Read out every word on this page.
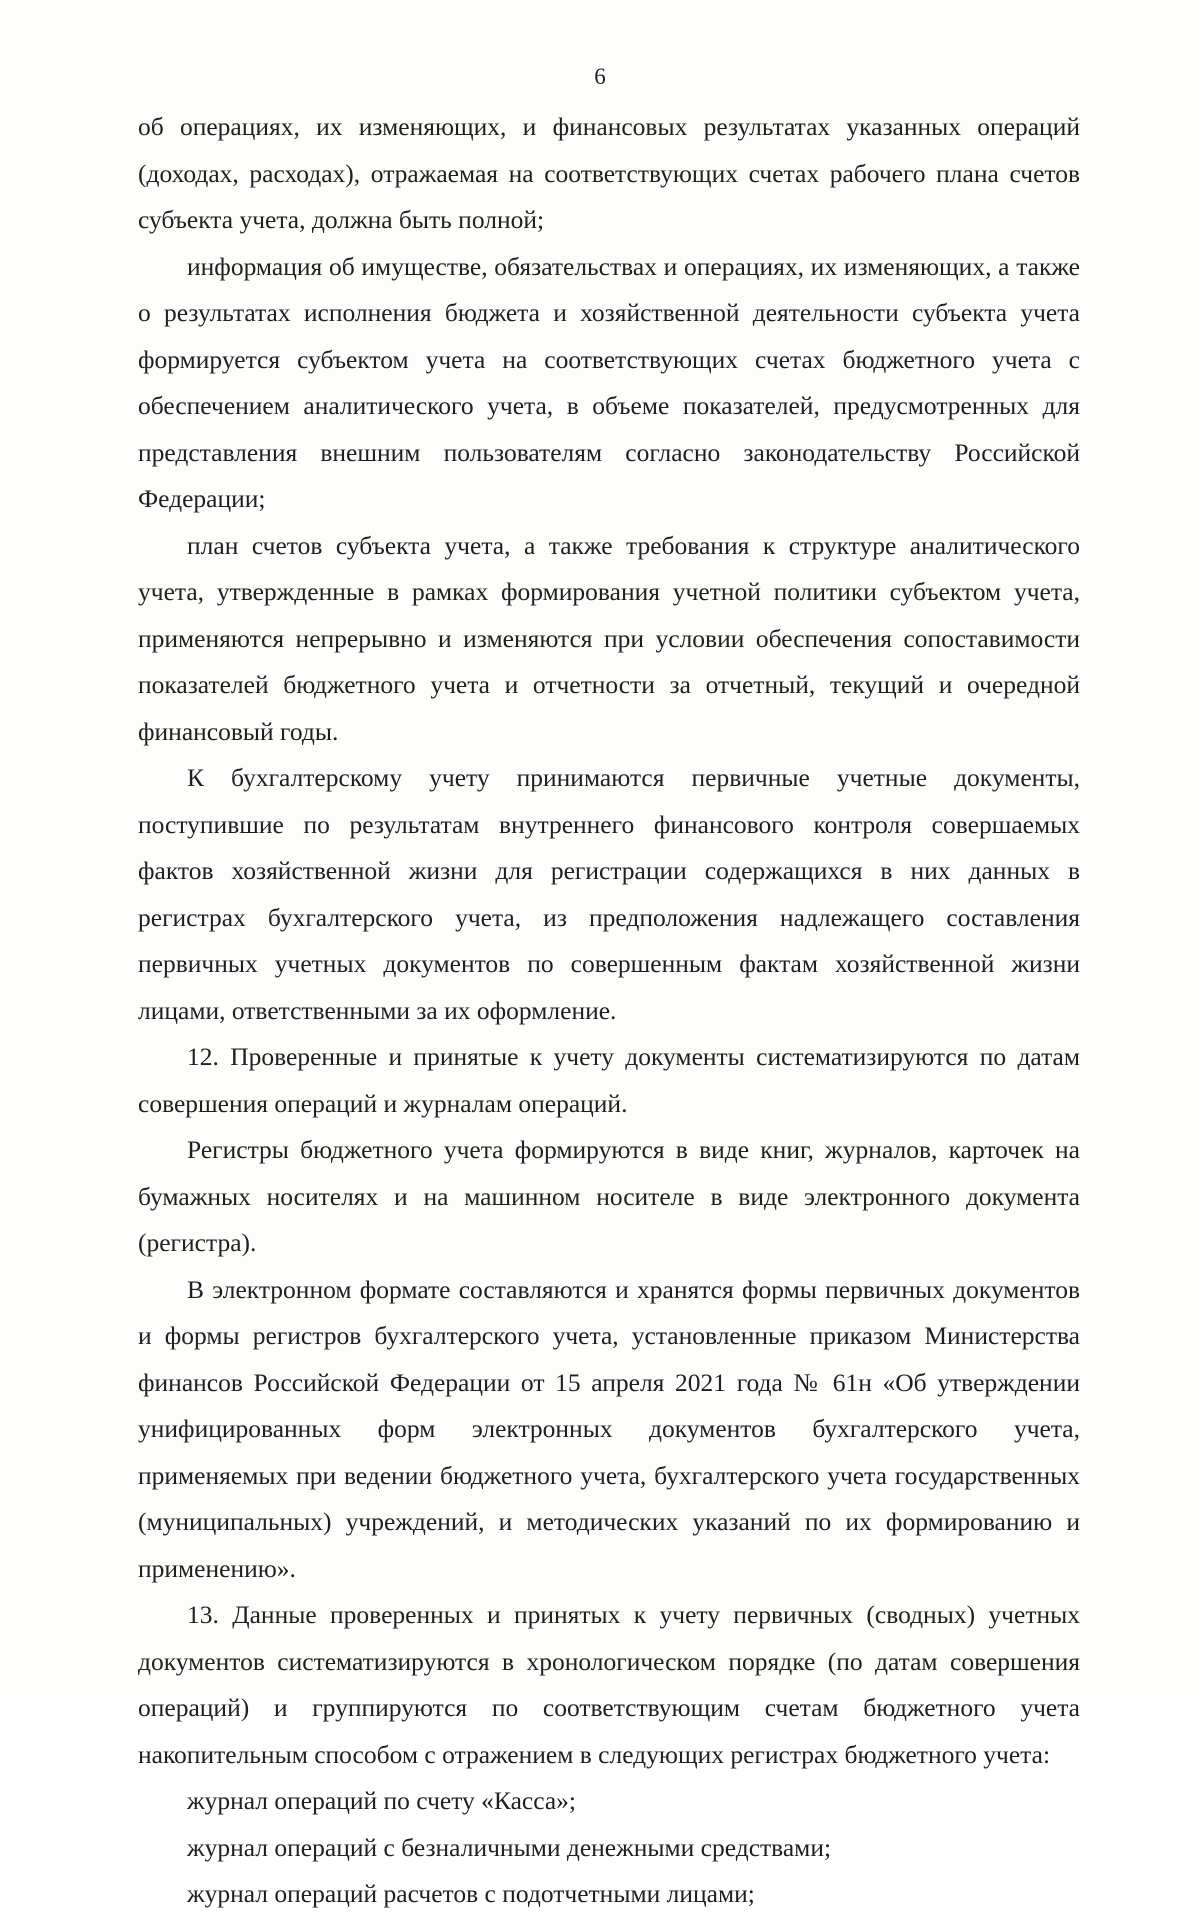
6

об операциях, их изменяющих, и финансовых результатах указанных операций (доходах, расходах), отражаемая на соответствующих счетах рабочего плана счетов субъекта учета, должна быть полной;

информация об имуществе, обязательствах и операциях, их изменяющих, а также о результатах исполнения бюджета и хозяйственной деятельности субъекта учета формируется субъектом учета на соответствующих счетах бюджетного учета с обеспечением аналитического учета, в объеме показателей, предусмотренных для представления внешним пользователям согласно законодательству Российской Федерации;

план счетов субъекта учета, а также требования к структуре аналитического учета, утвержденные в рамках формирования учетной политики субъектом учета, применяются непрерывно и изменяются при условии обеспечения сопоставимости показателей бюджетного учета и отчетности за отчетный, текущий и очередной финансовый годы.

К бухгалтерскому учету принимаются первичные учетные документы, поступившие по результатам внутреннего финансового контроля совершаемых фактов хозяйственной жизни для регистрации содержащихся в них данных в регистрах бухгалтерского учета, из предположения надлежащего составления первичных учетных документов по совершенным фактам хозяйственной жизни лицами, ответственными за их оформление.

12. Проверенные и принятые к учету документы систематизируются по датам совершения операций и журналам операций.

Регистры бюджетного учета формируются в виде книг, журналов, карточек на бумажных носителях и на машинном носителе в виде электронного документа (регистра).

В электронном формате составляются и хранятся формы первичных документов и формы регистров бухгалтерского учета, установленные приказом Министерства финансов Российской Федерации от 15 апреля 2021 года № 61н «Об утверждении унифицированных форм электронных документов бухгалтерского учета, применяемых при ведении бюджетного учета, бухгалтерского учета государственных (муниципальных) учреждений, и методических указаний по их формированию и применению».

13. Данные проверенных и принятых к учету первичных (сводных) учетных документов систематизируются в хронологическом порядке (по датам совершения операций) и группируются по соответствующим счетам бюджетного учета накопительным способом с отражением в следующих регистрах бюджетного учета:

журнал операций по счету «Касса»;

журнал операций с безналичными денежными средствами;

журнал операций расчетов с подотчетными лицами;
